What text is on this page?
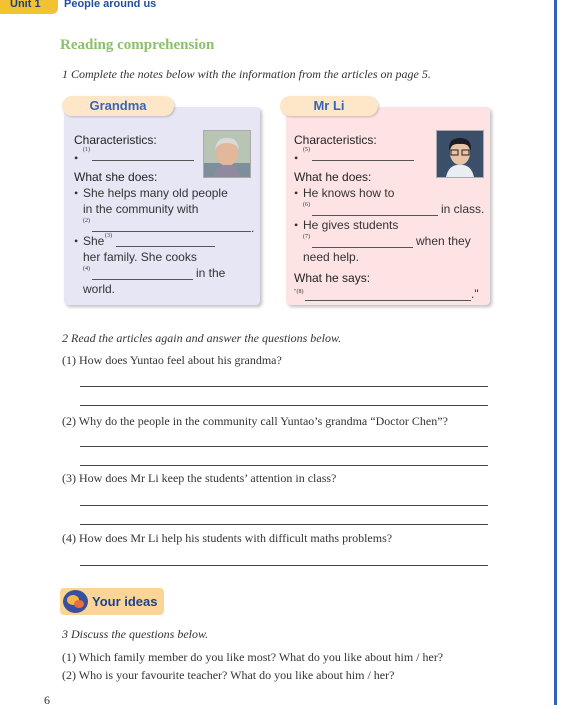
Unit 1 People around us
Reading comprehension
1 Complete the notes below with the information from the articles on page 5.
Grandma
Characteristics:
•
(1)
What she does:
• She helps many old people
in the community with
(2)	.
• She (3)
her family. She cooks
(4)	in the
world.
Mr Li
Characteristics:
•
(5)
What he does:
• He knows how to
(6)	in class.
• He gives students
(7)	when they
need help.
What he says:
"(8)	."
2 Read the articles again and answer the questions below.
(1) How does Yuntao feel about his grandma?
(2) Why do the people in the community call Yuntao’s grandma “Doctor Chen”?
(3) How does Mr Li keep the students’ attention in class?
(4) How does Mr Li help his students with difficult maths problems?
Your ideas
3 Discuss the questions below.
(1) Which family member do you like most? What do you like about him / her?
(2) Who is your favourite teacher? What do you like about him / her?
6
